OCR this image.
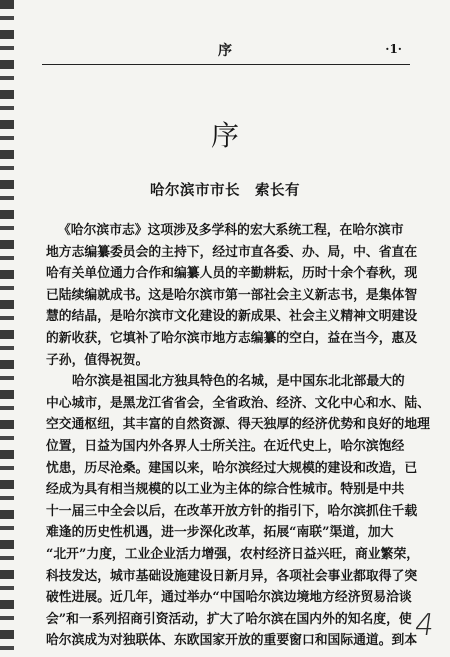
序	·1·
序
哈尔滨市市长　索长有
《哈尔滨市志》这项涉及多学科的宏大系统工程，在哈尔滨市
地方志编纂委员会的主持下，经过市直各委、办、局，中、省直在
哈有关单位通力合作和编纂人员的辛勤耕耘，历时十余个春秋，现
已陆续编就成书。这是哈尔滨市第一部社会主义新志书，是集体智
慧的结晶，是哈尔滨市文化建设的新成果、社会主义精神文明建设
的新收获，它填补了哈尔滨市地方志编纂的空白，益在当今，惠及
子孙，值得祝贺。
哈尔滨是祖国北方独具特色的名城，是中国东北北部最大的
中心城市，是黑龙江省省会，全省政治、经济、文化中心和水、陆、
空交通枢纽，其丰富的自然资源、得天独厚的经济优势和良好的地理
位置，日益为国内外各界人士所关注。在近代史上，哈尔滨饱经
忧患，历尽沧桑。建国以来，哈尔滨经过大规模的建设和改造，已
经成为具有相当规模的以工业为主体的综合性城市。特别是中共
十一届三中全会以后，在改革开放方针的指引下，哈尔滨抓住千载
难逢的历史性机遇，进一步深化改革，拓展“南联”渠道，加大
“北开”力度，工业企业活力增强，农村经济日益兴旺，商业繁荣，
科技发达，城市基础设施建设日新月异，各项社会事业都取得了突
破性进展。近几年，通过举办“中国哈尔滨边境地方经济贸易洽谈
会”和一系列招商引资活动，扩大了哈尔滨在国内外的知名度，使
哈尔滨成为对独联体、东欧国家开放的重要窗口和国际通道。到本
4
